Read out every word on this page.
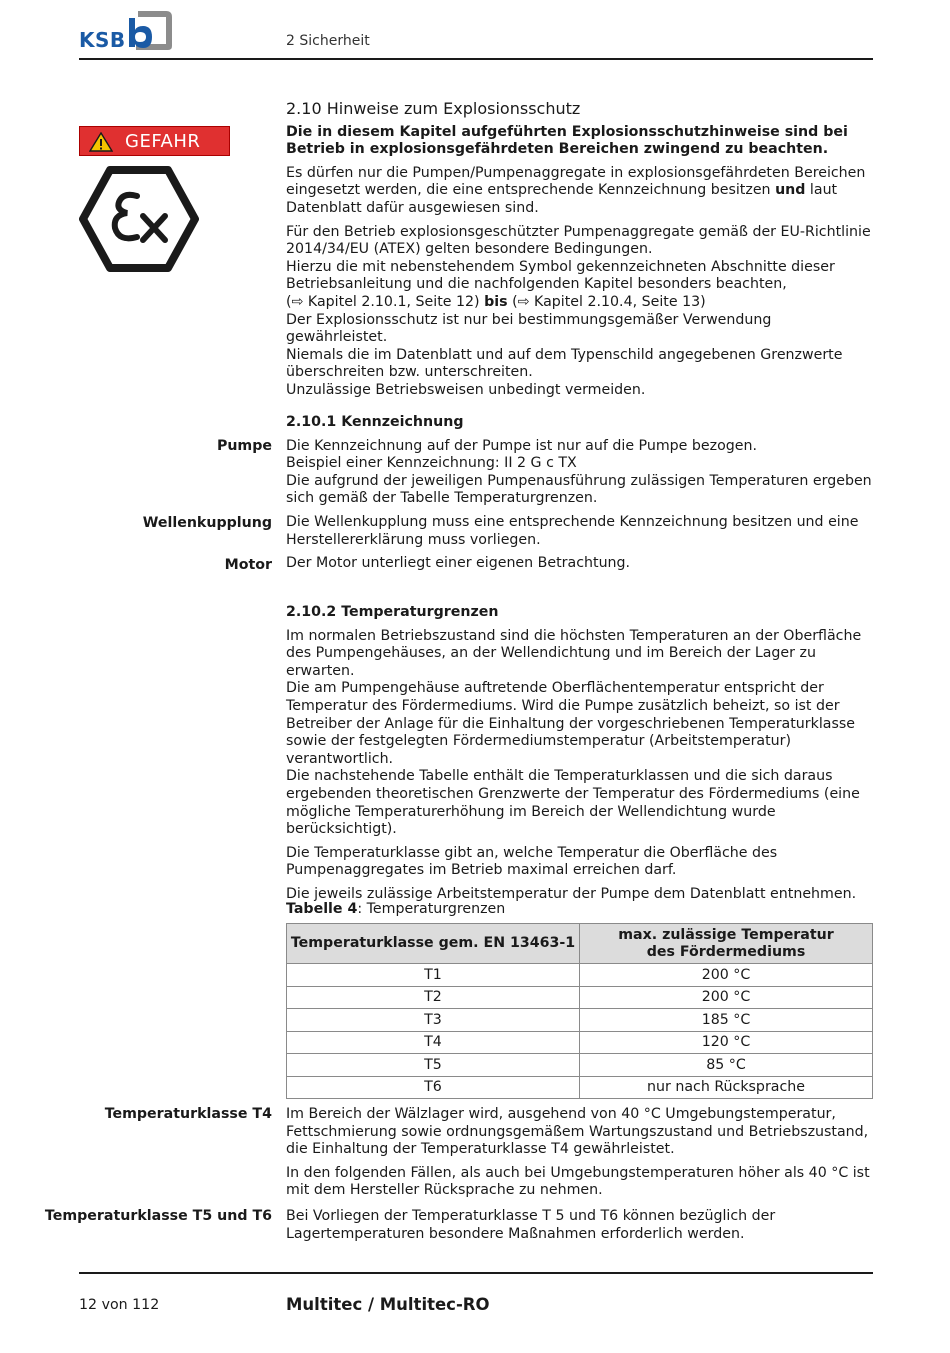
KSB	2 Sicherheit
GEFAHR
2.10 Hinweise zum Explosionsschutz

Die in diesem Kapitel aufgeführten Explosionsschutzhinweise sind bei Betrieb in explosionsgefährdeten Bereichen zwingend zu beachten.

Es dürfen nur die Pumpen/Pumpenaggregate in explosionsgefährdeten Bereichen eingesetzt werden, die eine entsprechende Kennzeichnung besitzen und laut Datenblatt dafür ausgewiesen sind.

Für den Betrieb explosionsgeschützter Pumpenaggregate gemäß der EU-Richtlinie 2014/34/EU (ATEX) gelten besondere Bedingungen.

Hierzu die mit nebenstehendem Symbol gekennzeichneten Abschnitte dieser Betriebsanleitung und die nachfolgenden Kapitel besonders beachten,

(⇨ Kapitel 2.10.1, Seite 12) bis (⇨ Kapitel 2.10.4, Seite 13)

Der Explosionsschutz ist nur bei bestimmungsgemäßer Verwendung gewährleistet.

Niemals die im Datenblatt und auf dem Typenschild angegebenen Grenzwerte überschreiten bzw. unterschreiten.

Unzulässige Betriebsweisen unbedingt vermeiden.

2.10.1 Kennzeichnung

Die Kennzeichnung auf der Pumpe ist nur auf die Pumpe bezogen.

Beispiel einer Kennzeichnung: II 2 G c TX

Die aufgrund der jeweiligen Pumpenausführung zulässigen Temperaturen ergeben sich gemäß der Tabelle Temperaturgrenzen.

Die Wellenkupplung muss eine entsprechende Kennzeichnung besitzen und eine Herstellererklärung muss vorliegen.

Der Motor unterliegt einer eigenen Betrachtung.

Pumpe
Wellenkupplung
Motor
2.10.2 Temperaturgrenzen

Im normalen Betriebszustand sind die höchsten Temperaturen an der Oberfläche des Pumpengehäuses, an der Wellendichtung und im Bereich der Lager zu erwarten.

Die am Pumpengehäuse auftretende Oberflächentemperatur entspricht der Temperatur des Fördermediums. Wird die Pumpe zusätzlich beheizt, so ist der Betreiber der Anlage für die Einhaltung der vorgeschriebenen Temperaturklasse sowie der festgelegten Fördermediumstemperatur (Arbeitstemperatur) verantwortlich.

Die nachstehende Tabelle enthält die Temperaturklassen und die sich daraus ergebenden theoretischen Grenzwerte der Temperatur des Fördermediums (eine mögliche Temperaturerhöhung im Bereich der Wellendichtung wurde berücksichtigt).

Die Temperaturklasse gibt an, welche Temperatur die Oberfläche des Pumpenaggregates im Betrieb maximal erreichen darf.

Die jeweils zulässige Arbeitstemperatur der Pumpe dem Datenblatt entnehmen.

Tabelle 4: Temperaturgrenzen
Temperaturklasse gem. EN 13463-1	max. zulässige Temperatur
des Fördermediums
T1	200 °C
T2	200 °C
T3	185 °C
T4	120 °C
T5	85 °C
T6	nur nach Rücksprache
Temperaturklasse T4 Im Bereich der Wälzlager wird, ausgehend von 40 °C Umgebungstemperatur, Fettschmierung sowie ordnungsgemäßem Wartungszustand und Betriebszustand, die Einhaltung der Temperaturklasse T4 gewährleistet.

In den folgenden Fällen, als auch bei Umgebungstemperaturen höher als 40 °C ist mit dem Hersteller Rücksprache zu nehmen.

Temperaturklasse T5 und T6 Bei Vorliegen der Temperaturklasse T 5 und T6 können bezüglich der Lagertemperaturen besondere Maßnahmen erforderlich werden.

12 von 112	Multitec / Multitec-RO
